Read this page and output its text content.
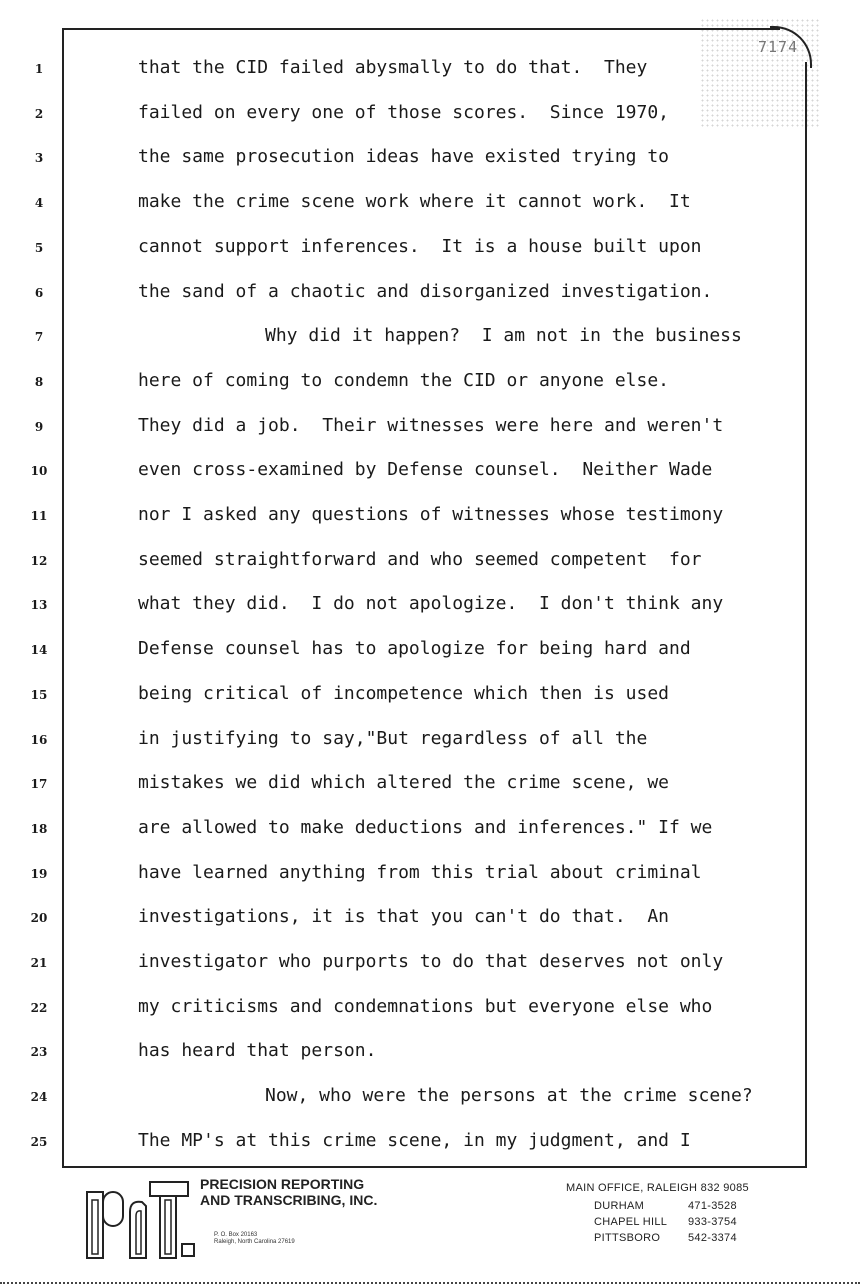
7174
1	that the CID failed abysmally to do that.  They
2	failed on every one of those scores.  Since 1970,
3	the same prosecution ideas have existed trying to
4	make the crime scene work where it cannot work.  It
5	cannot support inferences.  It is a house built upon
6	the sand of a chaotic and disorganized investigation.
7	Why did it happen?  I am not in the business
8	here of coming to condemn the CID or anyone else.
9	They did a job.  Their witnesses were here and weren't
10	even cross-examined by Defense counsel.  Neither Wade
11	nor I asked any questions of witnesses whose testimony
12	seemed straightforward and who seemed competent  for
13	what they did.  I do not apologize.  I don't think any
14	Defense counsel has to apologize for being hard and
15	being critical of incompetence which then is used
16	in justifying to say,"But regardless of all the
17	mistakes we did which altered the crime scene, we
18	are allowed to make deductions and inferences." If we
19	have learned anything from this trial about criminal
20	investigations, it is that you can't do that.  An
21	investigator who purports to do that deserves not only
22	my criticisms and condemnations but everyone else who
23	has heard that person.
24	Now, who were the persons at the crime scene?
25	The MP's at this crime scene, in my judgment, and I
PRECISION REPORTING
AND TRANSCRIBING, INC.
P. O. Box 20163
Raleigh, North Carolina 27619
MAIN OFFICE, RALEIGH 832 9085
DURHAM	471-3528
CHAPEL HILL	933-3754
PITTSBORO	542-3374
